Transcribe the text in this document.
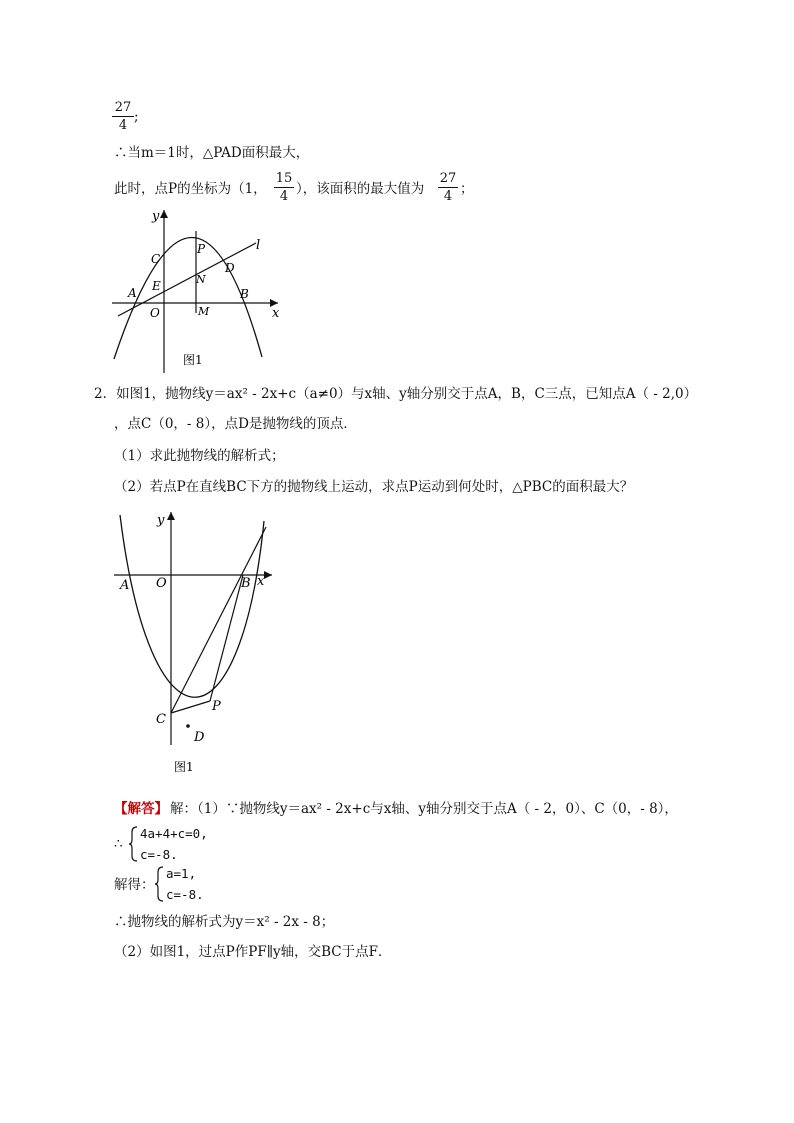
27
4
;
∴当m＝1时，△PAD面积最大，
此时，点P的坐标为（1，
15
4 ），该面积的最大值为
27
4 ；
y
x
l
P
C
D
N
E
A	B
O	M
图1
2．如图1，抛物线y＝ax² - 2x+c（a≠0）与x轴、y轴分别交于点A，B，C三点，已知点A（ - 2,0）
，点C（0，- 8），点D是抛物线的顶点．
（1）求此抛物线的解析式；
（2）若点P在直线BC下方的抛物线上运动，求点P运动到何处时，△PBC的面积最大？
y
x
A O	B
C
P
D
图1
【解答】 解：（1）∵抛物线y＝ax² - 2x+c与x轴、y轴分别交于点A（ - 2，0）、C（0，- 8），
∴
4a+4+c=0,
c=-8.
解得：
a=1,
c=-8.
∴抛物线的解析式为y＝x² - 2x - 8；
（2）如图1，过点P作PF∥y轴，交BC于点F．
